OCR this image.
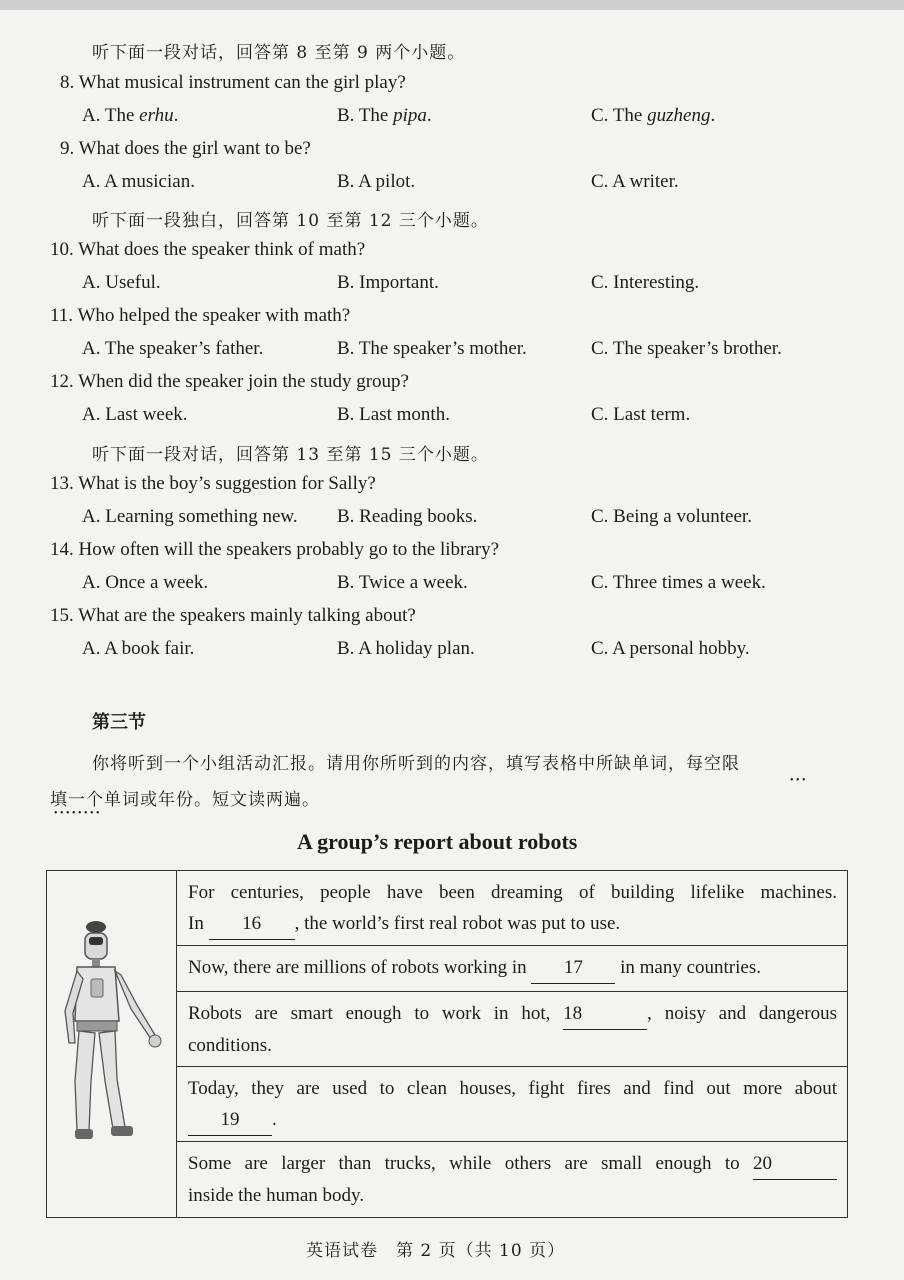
听下面一段对话，回答第 8 至第 9 两个小题。
8. What musical instrument can the girl play?
A. The erhu.	B. The pipa.	C. The guzheng.
9. What does the girl want to be?
A. A musician.	B. A pilot.	C. A writer.
听下面一段独白，回答第 10 至第 12 三个小题。
10. What does the speaker think of math?
A. Useful.	B. Important.	C. Interesting.
11. Who helped the speaker with math?
A. The speaker’s father.	B. The speaker’s mother.	C. The speaker’s brother.
12. When did the speaker join the study group?
A. Last week.	B. Last month.	C. Last term.
听下面一段对话，回答第 13 至第 15 三个小题。
13. What is the boy’s suggestion for Sally?
A. Learning something new. B. Reading books.	C. Being a volunteer.
14. How often will the speakers probably go to the library?
A. Once a week.	B. Twice a week.	C. Three times a week.
15. What are the speakers mainly talking about?
A. A book fair.	B. A holiday plan.	C. A personal hobby.
第三节
你将听到一个小组活动汇报。请用你所听到的内容，填写表格中所缺单词，每空限
• • •
填一个单词或年份。短文读两遍。
• • • • • • • •
A group’s report about robots
For centuries, people have been dreaming of building lifelike machines.
In 16 , the world’s first real robot was put to use.
Now, there are millions of robots working in 17 in many countries.
Robots are smart enough to work in hot, 18	, noisy and dangerous
conditions.
Today, they are used to clean houses, fight fires and find out more about
19 .
Some are larger than trucks, while others are small enough to 20
inside the human body.
英语试卷　第 2 页（共 10 页）
